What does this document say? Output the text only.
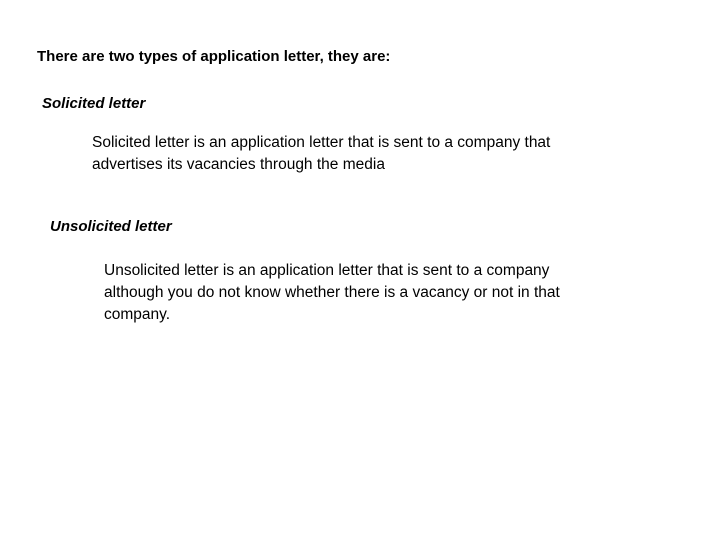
There are two types of application letter, they are:
Solicited letter
Solicited letter is an application letter that is sent to a company that
advertises its vacancies through the media
Unsolicited letter
Unsolicited letter is an application letter that is sent to a company
although you do not know whether there is a vacancy or not in that
company.
